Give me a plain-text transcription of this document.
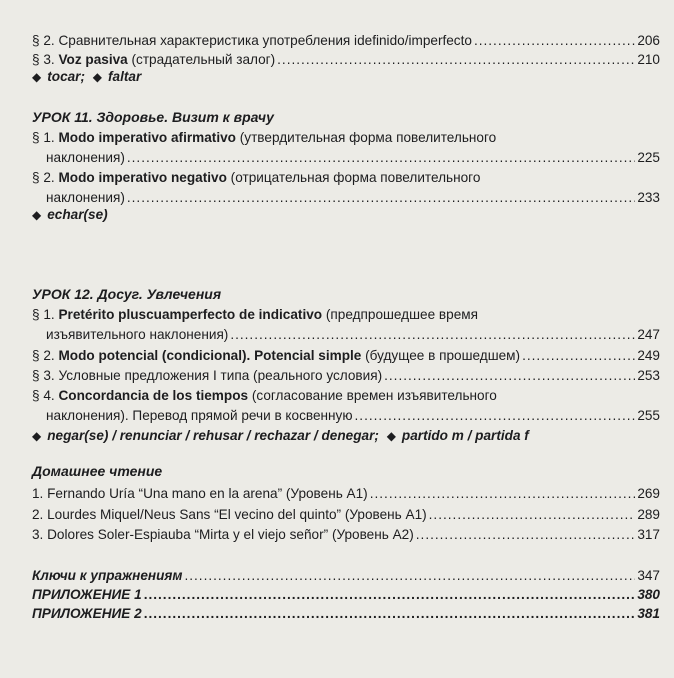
§ 2. Сравнительная характеристика употребления idefinido/imperfecto .....	206
§ 3. Voz pasiva (страдательный залог) .....	210
◆ tocar; ◆ faltar
УРОК 11. Здоровье. Визит к врачу
§ 1. Modo imperativo afirmativo (утвердительная форма повелительного
наклонения) .....	225
§ 2. Modo imperativo negativo (отрицательная форма повелительного
наклонения) .....	233
◆ echar(se)
УРОК 12. Досуг. Увлечения
§ 1. Pretérito pluscuamperfecto de indicativo (предпрошедшее время
изъявительного наклонения) .....	247
§ 2. Modo potencial (condicional). Potencial simple (будущее в прошедшем) .....	249
§ 3. Условные предложения I типа (реального условия) .....	253
§ 4. Concordancia de los tiempos (согласование времен изъявительного
наклонения). Перевод прямой речи в косвенную .....	255
◆ negar(se) / renunciar / rehusar / rechazar / denegar; ◆ partido m / partida f
Домашнее чтение
1. Fernando Uría “Una mano en la arena” (Уровень А1) .....	269
2. Lourdes Miquel/Neus Sans “El vecino del quinto” (Уровень А1) .....	289
3. Dolores Soler-Espiauba “Mirta y el viejo señor” (Уровень А2) .....	317
Ключи к упражнениям .....	347
ПРИЛОЖЕНИЕ 1 .....	380
ПРИЛОЖЕНИЕ 2 .....	381
